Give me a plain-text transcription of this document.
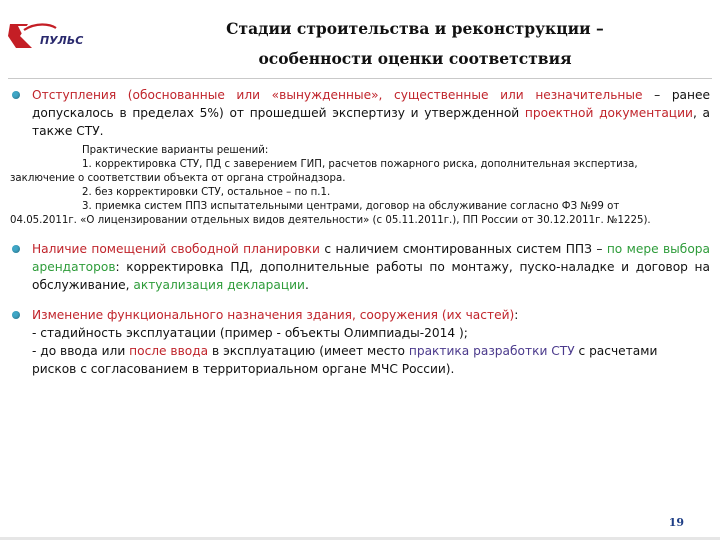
ПУЛЬС
Стадии строительства и реконструкции –
особенности оценки соответствия
Отступления (обоснованные или «вынужденные», существенные или незначительные – ранее допускалось в пределах 5%) от прошедшей экспертизу и утвержденной проектной документации, а также СТУ.
Практические варианты решений:
1. корректировка СТУ, ПД с заверением ГИП, расчетов пожарного риска, дополнительная экспертиза,
заключение о соответствии объекта от органа стройнадзора.
2. без корректировки СТУ, остальное – по п.1.
3. приемка систем ППЗ испытательными центрами, договор на обслуживание согласно ФЗ №99 от
04.05.2011г. «О лицензировании отдельных видов деятельности» (с 05.11.2011г.), ПП России от 30.12.2011г. №1225).
Наличие помещений свободной планировки с наличием смонтированных систем ППЗ – по мере выбора арендаторов: корректировка ПД, дополнительные работы по монтажу, пуско-наладке и договор на обслуживание, актуализация декларации.
Изменение функционального назначения здания, сооружения (их частей):
- стадийность эксплуатации (пример - объекты Олимпиады-2014 );
- до ввода или после ввода в эксплуатацию (имеет место практика разработки СТУ с расчетами
рисков с согласованием в территориальном органе МЧС России).
19
